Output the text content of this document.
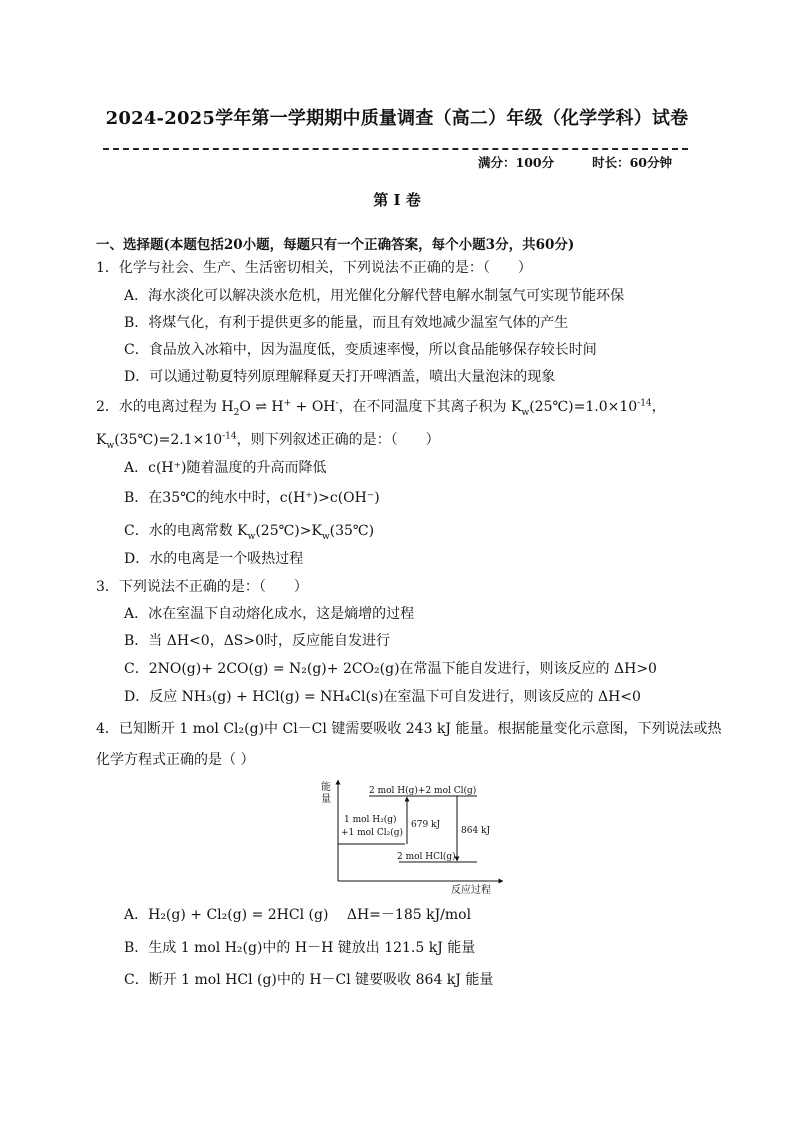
2024-2025学年第一学期期中质量调查（高二）年级（化学学科）试卷
满分：100分	时长：60分钟
第 I 卷
一、选择题(本题包括20小题，每题只有一个正确答案，每个小题3分，共60分)
1．化学与社会、生产、生活密切相关，下列说法不正确的是：（　　）
A．海水淡化可以解决淡水危机，用光催化分解代替电解水制氢气可实现节能环保
B．将煤气化，有利于提供更多的能量，而且有效地减少温室气体的产生
C．食品放入冰箱中，因为温度低，变质速率慢，所以食品能够保存较长时间
D．可以通过勒夏特列原理解释夏天打开啤酒盖，喷出大量泡沫的现象
2．水的电离过程为 $H_2O$ ⇌ H+ + OH-，在不同温度下其离子积为 $K_w(25℃)=1.0\times 10^{-14}$，
$K_w(35℃)=2.1\times 10^{-14}$，则下列叙述正确的是：（　　）
A．c(H⁺)随着温度的升高而降低
B．在35℃的纯水中时，c(H⁺)>c(OH⁻)
C．水的电离常数 $K_w(25℃)>K_w(35℃)$
D．水的电离是一个吸热过程
3．下列说法不正确的是：（　　）
A．冰在室温下自动熔化成水，这是熵增的过程
B．当 ΔH<0，ΔS>0时，反应能自发进行
C．2NO(g)+ 2CO(g) = N₂(g)+ 2CO₂(g)在常温下能自发进行，则该反应的 ΔH>0
D．反应 NH₃(g) + HCl(g) = NH₄Cl(s)在室温下可自发进行，则该反应的 ΔH<0
4．已知断开 1 mol Cl₂(g)中 Cl－Cl 键需要吸收 243 kJ 能量。根据能量变化示意图，下列说法或热
化学方程式正确的是（ ）
能
量
反应过程
2 mol H(g)+2 mol Cl(g)
1 mol H₂(g)
+1 mol Cl₂(g)
2 mol HCl(g)
679 kJ
864 kJ
A．H₂(g) + Cl₂(g) = 2HCl (g)　 ΔH=－185 kJ/mol
B．生成 1 mol H₂(g)中的 H－H 键放出 121.5 kJ 能量
C．断开 1 mol HCl (g)中的 H－Cl 键要吸收 864 kJ 能量
